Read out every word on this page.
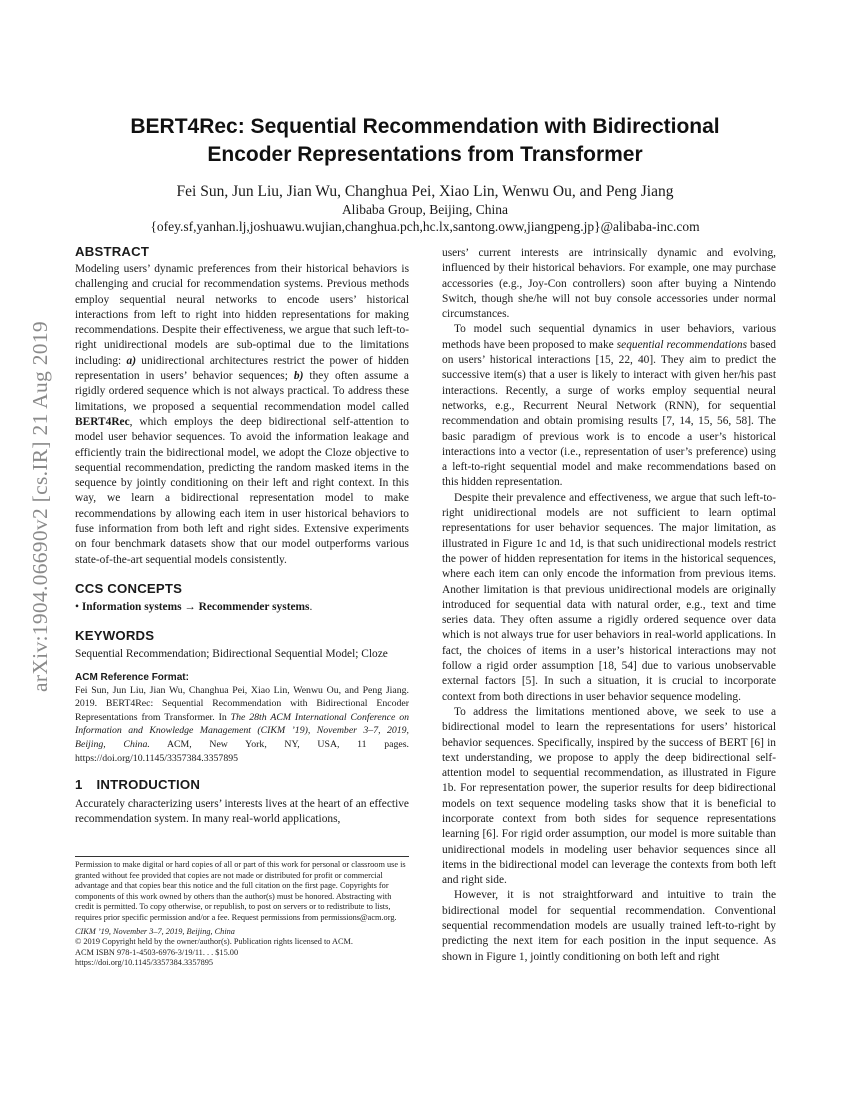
arXiv:1904.06690v2 [cs.IR] 21 Aug 2019
BERT4Rec: Sequential Recommendation with Bidirectional
Encoder Representations from Transformer
Fei Sun, Jun Liu, Jian Wu, Changhua Pei, Xiao Lin, Wenwu Ou, and Peng Jiang
Alibaba Group, Beijing, China
{ofey.sf,yanhan.lj,joshuawu.wujian,changhua.pch,hc.lx,santong.oww,jiangpeng.jp}@alibaba-inc.com
ABSTRACT

Modeling users’ dynamic preferences from their historical behaviors is challenging and crucial for recommendation systems. Previous methods employ sequential neural networks to encode users’ historical interactions from left to right into hidden representations for making recommendations. Despite their effectiveness, we argue that such left-to-right unidirectional models are sub-optimal due to the limitations including: a) unidirectional architectures restrict the power of hidden representation in users’ behavior sequences; b) they often assume a rigidly ordered sequence which is not always practical. To address these limitations, we proposed a sequential recommendation model called BERT4Rec, which employs the deep bidirectional self-attention to model user behavior sequences. To avoid the information leakage and efficiently train the bidirectional model, we adopt the Cloze objective to sequential recommendation, predicting the random masked items in the sequence by jointly conditioning on their left and right context. In this way, we learn a bidirectional representation model to make recommendations by allowing each item in user historical behaviors to fuse information from both left and right sides. Extensive experiments on four benchmark datasets show that our model outperforms various state-of-the-art sequential models consistently.

CCS CONCEPTS

• Information systems → Recommender systems.

KEYWORDS

Sequential Recommendation; Bidirectional Sequential Model; Cloze

ACM Reference Format:

Fei Sun, Jun Liu, Jian Wu, Changhua Pei, Xiao Lin, Wenwu Ou, and Peng Jiang. 2019. BERT4Rec: Sequential Recommendation with Bidirectional Encoder Representations from Transformer. In The 28th ACM International Conference on Information and Knowledge Management (CIKM ’19), November 3–7, 2019, Beijing, China. ACM, New York, NY, USA, 11 pages. https://doi.org/10.1145/3357384.3357895

1 INTRODUCTION

Accurately characterizing users’ interests lives at the heart of an effective recommendation system. In many real-world applications,

Permission to make digital or hard copies of all or part of this work for personal or classroom use is granted without fee provided that copies are not made or distributed for profit or commercial advantage and that copies bear this notice and the full citation on the first page. Copyrights for components of this work owned by others than the author(s) must be honored. Abstracting with credit is permitted. To copy otherwise, or republish, to post on servers or to redistribute to lists, requires prior specific permission and/or a fee. Request permissions from permissions@acm.org.

CIKM ’19, November 3–7, 2019, Beijing, China

© 2019 Copyright held by the owner/author(s). Publication rights licensed to ACM.

ACM ISBN 978-1-4503-6976-3/19/11. . . $15.00

https://doi.org/10.1145/3357384.3357895

users’ current interests are intrinsically dynamic and evolving, influenced by their historical behaviors. For example, one may purchase accessories (e.g., Joy-Con controllers) soon after buying a Nintendo Switch, though she/he will not buy console accessories under normal circumstances.

To model such sequential dynamics in user behaviors, various methods have been proposed to make sequential recommendations based on users’ historical interactions [15, 22, 40]. They aim to predict the successive item(s) that a user is likely to interact with given her/his past interactions. Recently, a surge of works employ sequential neural networks, e.g., Recurrent Neural Network (RNN), for sequential recommendation and obtain promising results [7, 14, 15, 56, 58]. The basic paradigm of previous work is to encode a user’s historical interactions into a vector (i.e., representation of user’s preference) using a left-to-right sequential model and make recommendations based on this hidden representation.

Despite their prevalence and effectiveness, we argue that such left-to-right unidirectional models are not sufficient to learn optimal representations for user behavior sequences. The major limitation, as illustrated in Figure 1c and 1d, is that such unidirectional models restrict the power of hidden representation for items in the historical sequences, where each item can only encode the information from previous items. Another limitation is that previous unidirectional models are originally introduced for sequential data with natural order, e.g., text and time series data. They often assume a rigidly ordered sequence over data which is not always true for user behaviors in real-world applications. In fact, the choices of items in a user’s historical interactions may not follow a rigid order assumption [18, 54] due to various unobservable external factors [5]. In such a situation, it is crucial to incorporate context from both directions in user behavior sequence modeling.

To address the limitations mentioned above, we seek to use a bidirectional model to learn the representations for users’ historical behavior sequences. Specifically, inspired by the success of BERT [6] in text understanding, we propose to apply the deep bidirectional self-attention model to sequential recommendation, as illustrated in Figure 1b. For representation power, the superior results for deep bidirectional models on text sequence modeling tasks show that it is beneficial to incorporate context from both sides for sequence representations learning [6]. For rigid order assumption, our model is more suitable than unidirectional models in modeling user behavior sequences since all items in the bidirectional model can leverage the contexts from both left and right side.

However, it is not straightforward and intuitive to train the bidirectional model for sequential recommendation. Conventional sequential recommendation models are usually trained left-to-right by predicting the next item for each position in the input sequence. As shown in Figure 1, jointly conditioning on both left and right
